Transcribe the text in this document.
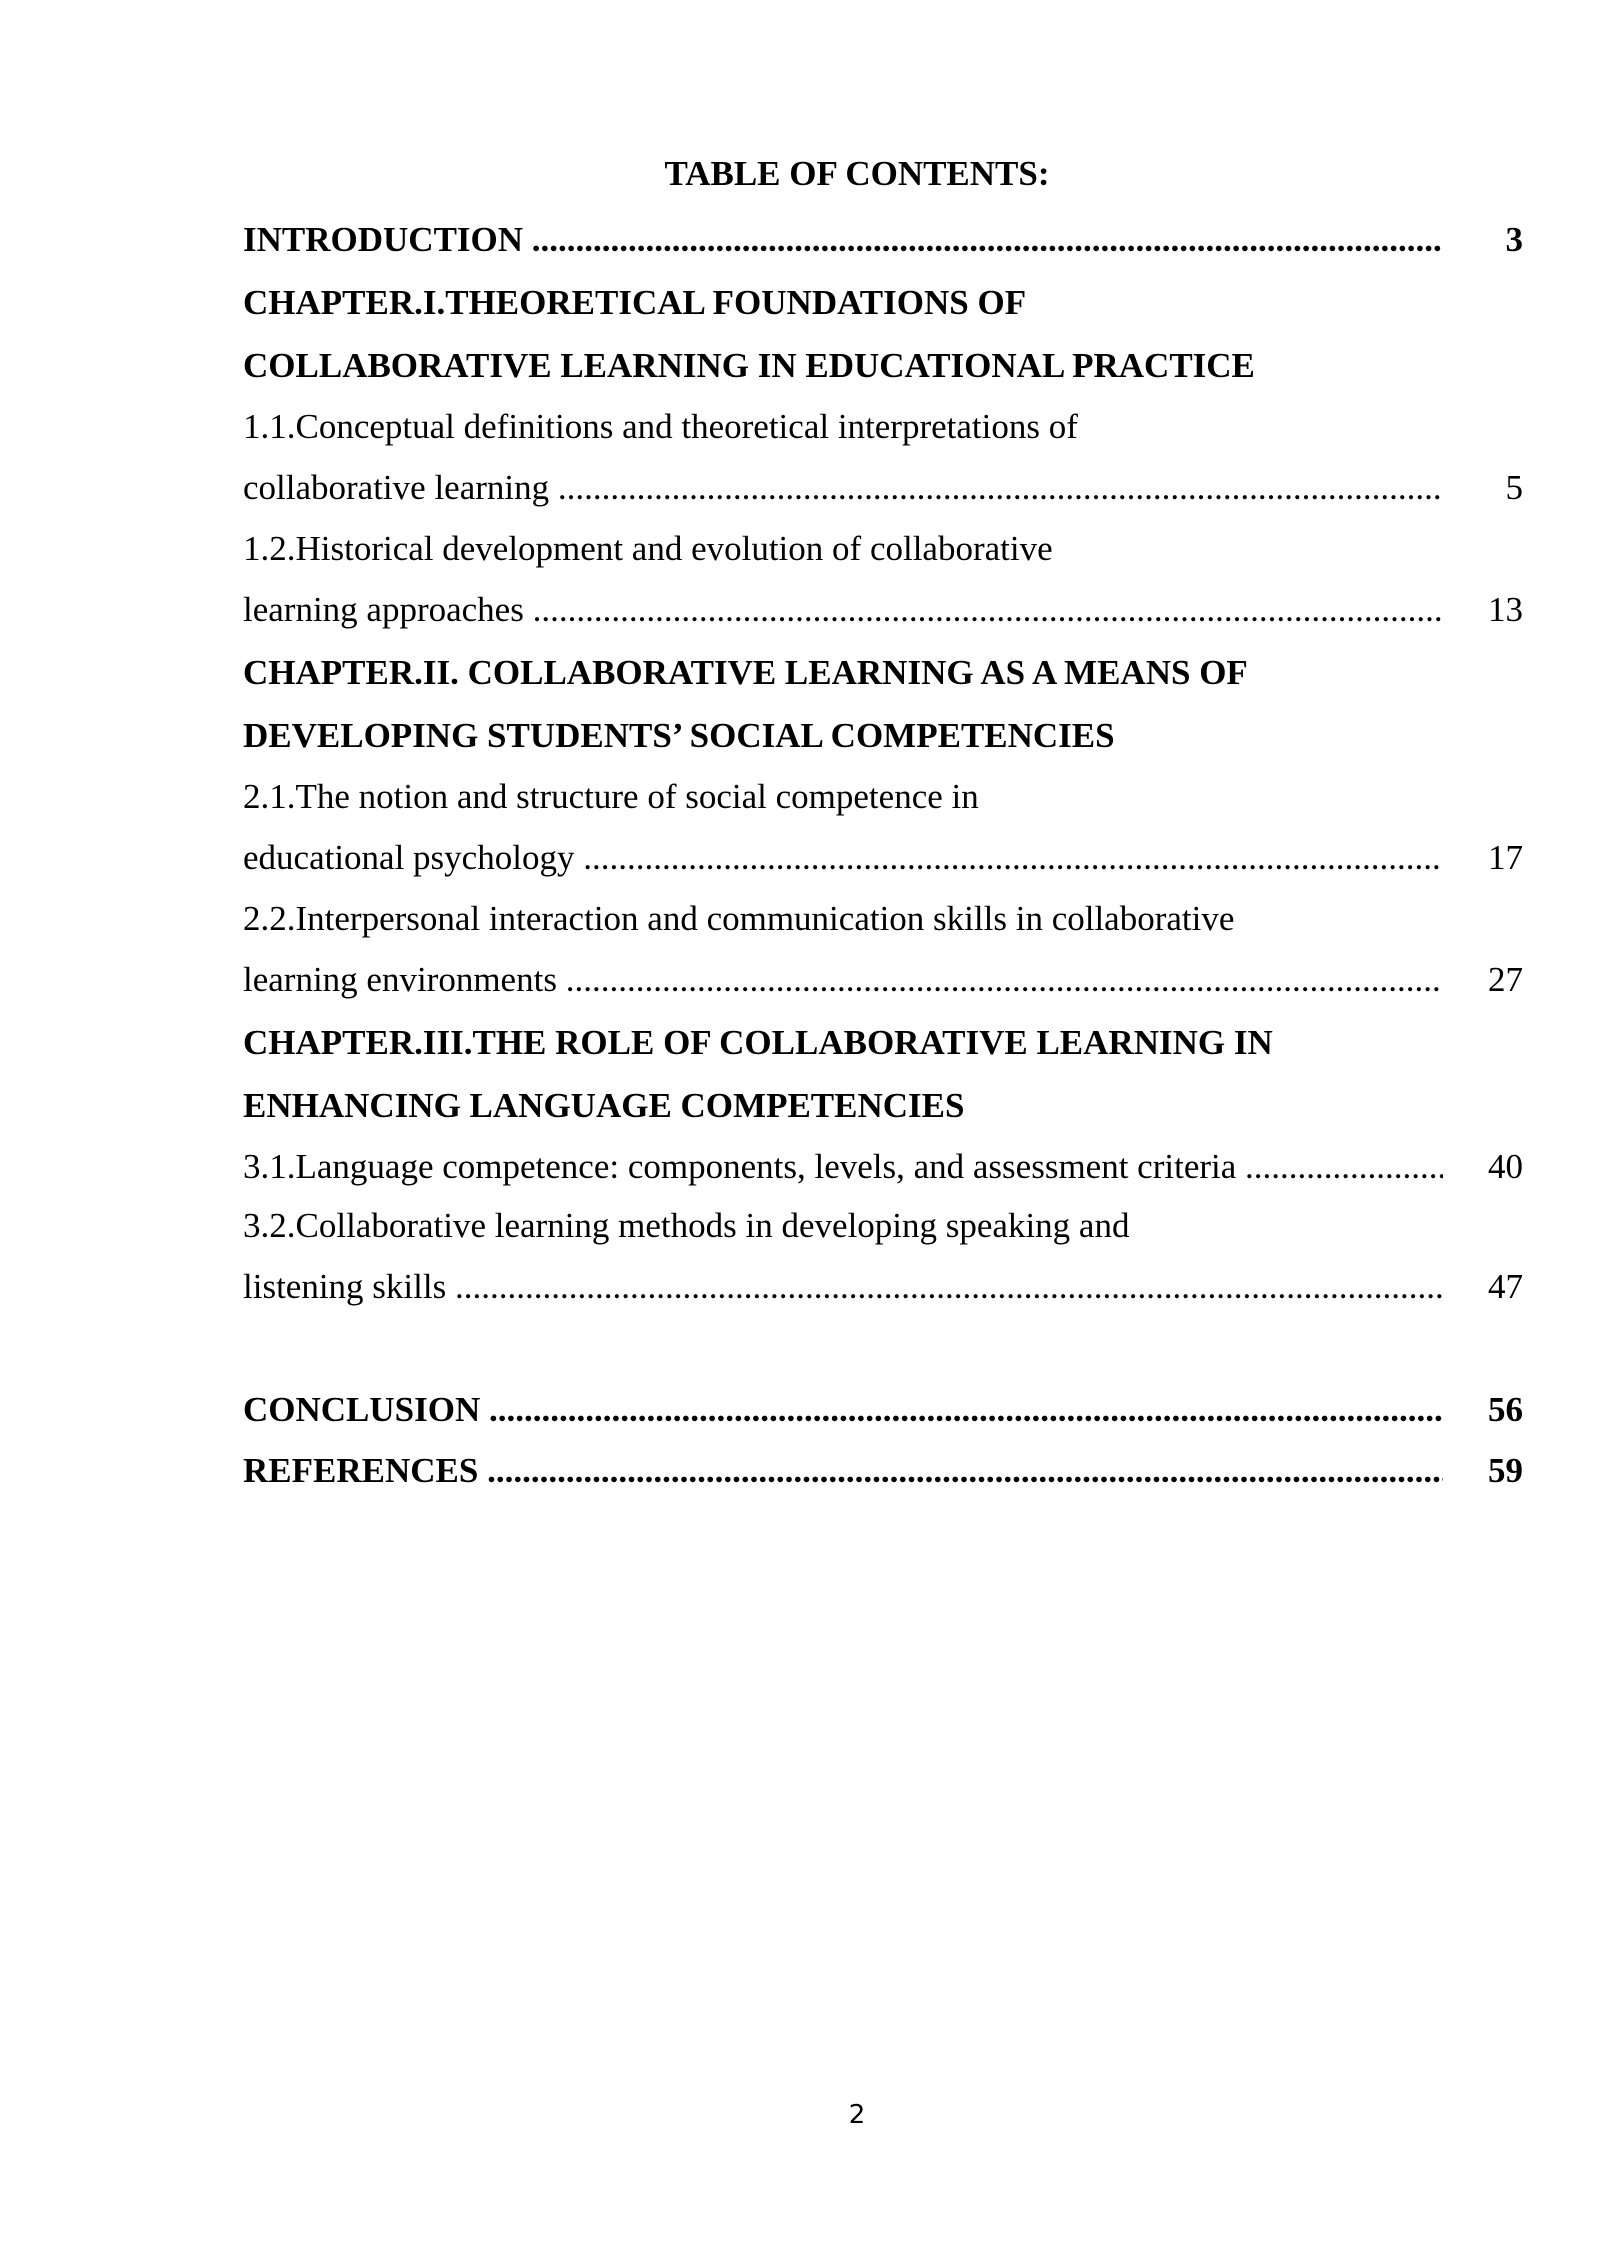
TABLE OF CONTENTS:
INTRODUCTION .....	3
CHAPTER.I.THEORETICAL FOUNDATIONS OF
COLLABORATIVE LEARNING IN EDUCATIONAL PRACTICE
1.1.Conceptual definitions and theoretical interpretations of
collaborative learning .....	5
1.2.Historical development and evolution of collaborative
learning approaches .....	13
CHAPTER.II. COLLABORATIVE LEARNING AS A MEANS OF
DEVELOPING STUDENTS’ SOCIAL COMPETENCIES
2.1.The notion and structure of social competence in
educational psychology .....	17
2.2.Interpersonal interaction and communication skills in collaborative
learning environments .....	27
CHAPTER.III.THE ROLE OF COLLABORATIVE LEARNING IN
ENHANCING LANGUAGE COMPETENCIES
3.1.Language competence: components, levels, and assessment criteria .....	40
3.2.Collaborative learning methods in developing speaking and
listening skills .....	47
CONCLUSION .....	56
REFERENCES .....	59
2
